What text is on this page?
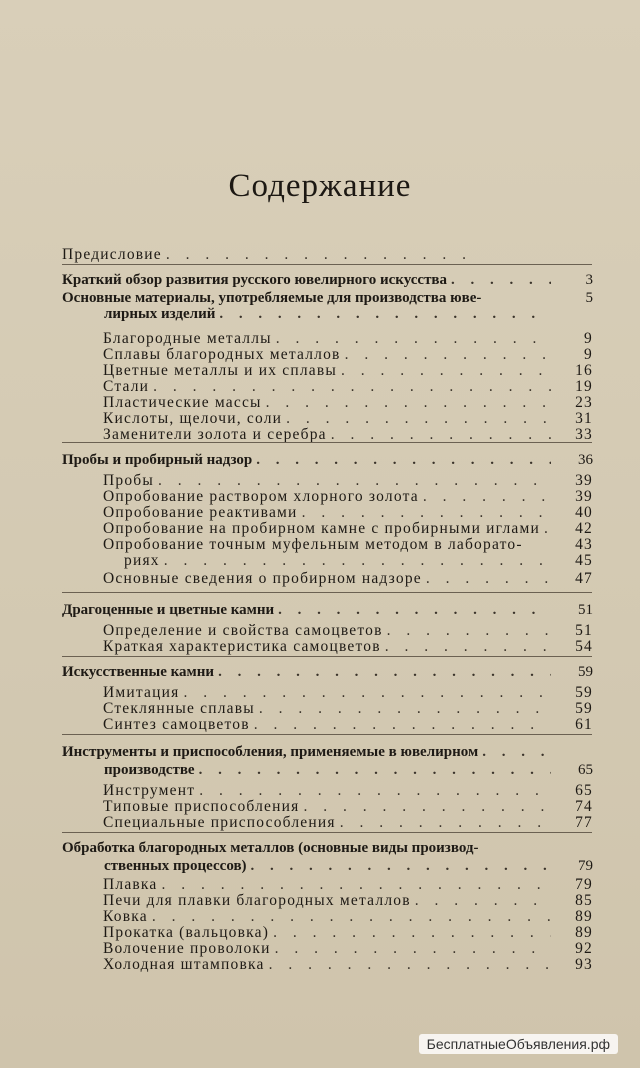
Содержание
Предисловие
. . .
Краткий обзор развития русского ювелирного искусства . . .	3
Основные материалы, употребляемые для производства юве-	5
лирных изделий
. . .
Благородные металлы . . .	9
Сплавы благородных металлов . . .	9
Цветные металлы и их сплавы . . .	16
Стали . . .	19
Пластические массы . . .	23
Кислоты, щелочи, соли . . .	31
Заменители золота и серебра . . .	33
Пробы и пробирный надзор . . .	36
Пробы . . .	39
Опробование раствором хлорного золота . . .	39
Опробование реактивами . . .	40
Опробование на пробирном камне с пробирными иглами . . .	42
Опробование точным муфельным методом в лаборато-	43
риях . . .	45
Основные сведения о пробирном надзоре . . .	47
Драгоценные и цветные камни . . .	51
Определение и свойства самоцветов . . .	51
Краткая характеристика самоцветов . . .	54
Искусственные камни . . .	59
Имитация . . .	59
Стеклянные сплавы . . .	59
Синтез самоцветов . . .	61
Инструменты и приспособления, применяемые в ювелирном
. . .
производстве . . .	65
Инструмент . . .	65
Типовые приспособления . . .	74
Специальные приспособления . . .	77
Обработка благородных металлов (основные виды производ-
ственных процессов) . . .	79
Плавка . . .	79
Печи для плавки благородных металлов . . .	85
Ковка . . .	89
Прокатка (вальцовка) . . .	89
Волочение проволоки . . .	92
Холодная штамповка . . .	93
БесплатныеОбъявления.рф
